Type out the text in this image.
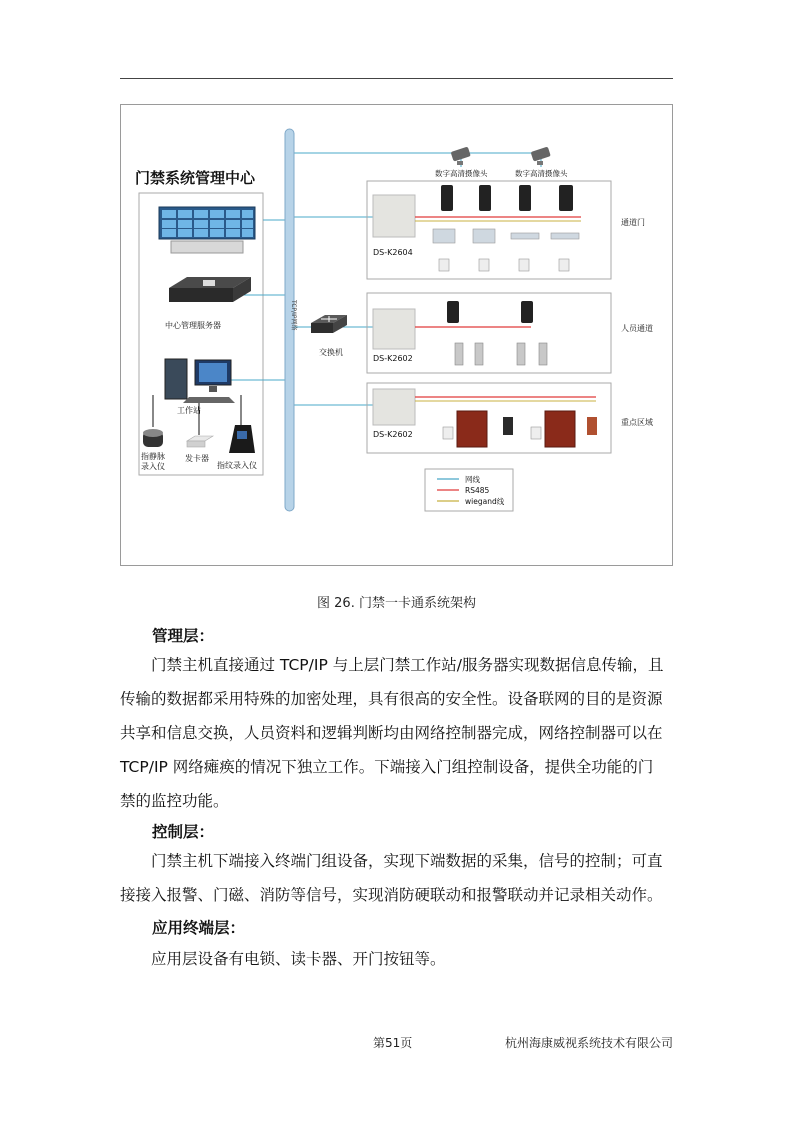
门禁系统管理中心
TCP/IP网络
中心管理服务器
工作站
指静脉
录入仪
发卡器
指纹录入仪
交换机
数字高清摄像头	数字高清摄像头
DS-K2604
通道门
DS-K2602
人员通道
DS-K2602
重点区域
网线
RS485
wiegand线
图 26. 门禁一卡通系统架构
管理层：
门禁主机直接通过 TCP/IP 与上层门禁工作站/服务器实现数据信息传输，且
传输的数据都采用特殊的加密处理，具有很高的安全性。设备联网的目的是资源
共享和信息交换，人员资料和逻辑判断均由网络控制器完成，网络控制器可以在
TCP/IP 网络瘫痪的情况下独立工作。下端接入门组控制设备，提供全功能的门
禁的监控功能。
控制层：
门禁主机下端接入终端门组设备，实现下端数据的采集，信号的控制；可直
接接入报警、门磁、消防等信号，实现消防硬联动和报警联动并记录相关动作。
应用终端层：
应用层设备有电锁、读卡器、开门按钮等。
第51页	杭州海康威视系统技术有限公司
